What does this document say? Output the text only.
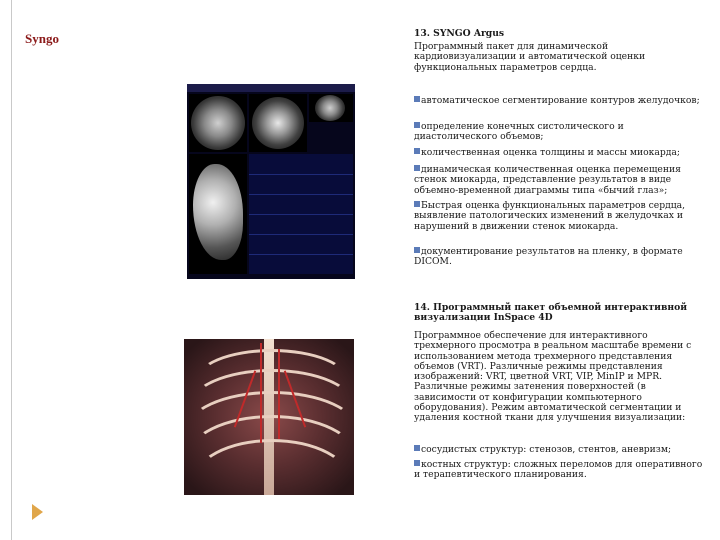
Syngo	13. SYNGO Argus
Программный пакет для динамической кардиовизуализации и автоматической оценки функциональных параметров сердца.
автоматическое сегментирование контуров желудочков;
определение конечных систолического и диастолического объемов;
количественная оценка толщины и массы миокарда;
динамическая количественная оценка перемещения стенок миокарда, представление результатов в виде объемно-временной диаграммы типа «бычий глаз»;
Быстрая оценка функциональных параметров сердца, выявление патологических изменений в желудочках и нарушений в движении стенок миокарда.
документирование результатов на пленку, в формате DICOM.
14. Программный пакет объемной интерактивной визуализации InSpace 4D
Программное обеспечение для интерактивного трехмерного просмотра в реальном масштабе времени с использованием метода трехмерного представления объемов (VRT). Различные режимы представления изображений: VRT, цветной VRT, VIP, MinIP и MPR. Различные режимы затенения поверхностей (в зависимости от конфигурации компьютерного оборудования). Режим автоматической сегментации и удаления костной ткани для улучшения визуализации:
сосудистых структур: стенозов, стентов, аневризм;
костных структур: сложных переломов для оперативного и терапевтического планирования.
